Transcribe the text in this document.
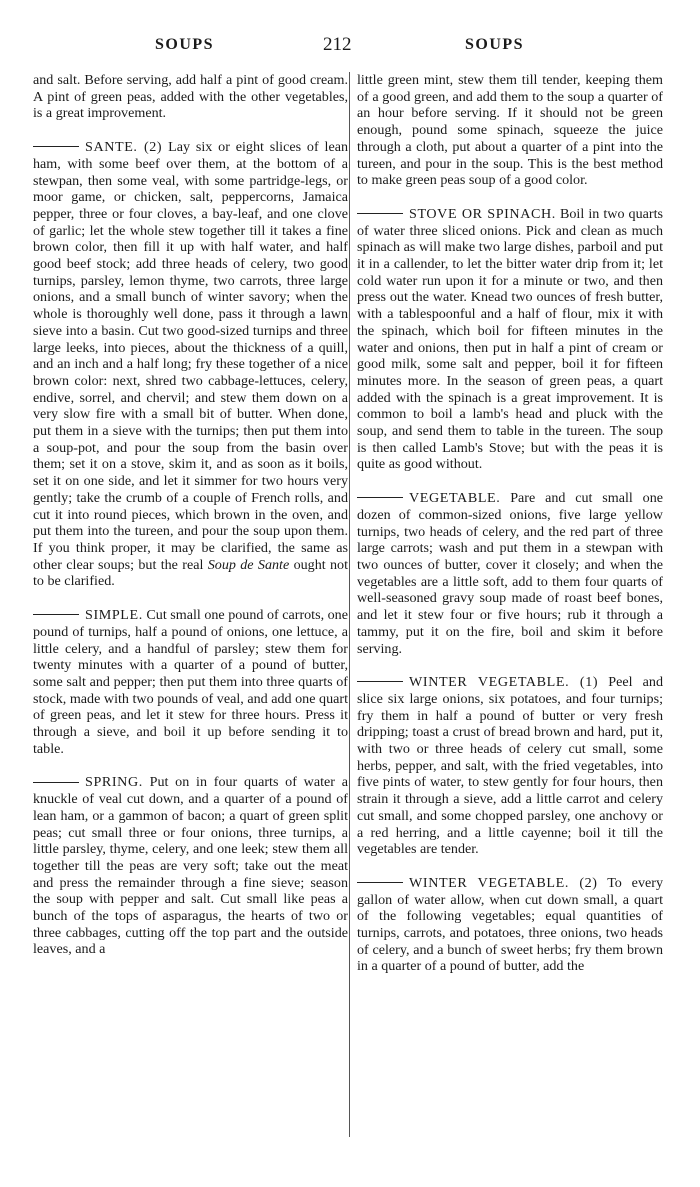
SOUPS	212	SOUPS

and salt. Before serving, add half a pint of good cream. A pint of green peas, added with the other vegetables, is a great improvement.

SANTE. (2) Lay six or eight slices of lean ham, with some beef over them, at the bottom of a stewpan, then some veal, with some partridge-legs, or moor game, or chicken, salt, peppercorns, Jamaica pepper, three or four cloves, a bay-leaf, and one clove of garlic; let the whole stew together till it takes a fine brown color, then fill it up with half water, and half good beef stock; add three heads of celery, two good turnips, parsley, lemon thyme, two carrots, three large onions, and a small bunch of winter savory; when the whole is thoroughly well done, pass it through a lawn sieve into a basin. Cut two good-sized turnips and three large leeks, into pieces, about the thickness of a quill, and an inch and a half long; fry these together of a nice brown color: next, shred two cabbage-lettuces, celery, endive, sorrel, and chervil; and stew them down on a very slow fire with a small bit of butter. When done, put them in a sieve with the turnips; then put them into a soup-pot, and pour the soup from the basin over them; set it on a stove, skim it, and as soon as it boils, set it on one side, and let it simmer for two hours very gently; take the crumb of a couple of French rolls, and cut it into round pieces, which brown in the oven, and put them into the tureen, and pour the soup upon them. If you think proper, it may be clarified, the same as other clear soups; but the real Soup de Sante ought not to be clarified.

SIMPLE. Cut small one pound of carrots, one pound of turnips, half a pound of onions, one lettuce, a little celery, and a handful of parsley; stew them for twenty minutes with a quarter of a pound of butter, some salt and pepper; then put them into three quarts of stock, made with two pounds of veal, and add one quart of green peas, and let it stew for three hours. Press it through a sieve, and boil it up before sending it to table.

SPRING. Put on in four quarts of water a knuckle of veal cut down, and a quarter of a pound of lean ham, or a gammon of bacon; a quart of green split peas; cut small three or four onions, three turnips, a little parsley, thyme, celery, and one leek; stew them all together till the peas are very soft; take out the meat and press the remainder through a fine sieve; season the soup with pepper and salt. Cut small like peas a bunch of the tops of asparagus, the hearts of two or three cabbages, cutting off the top part and the outside leaves, and a

little green mint, stew them till tender, keeping them of a good green, and add them to the soup a quarter of an hour before serving. If it should not be green enough, pound some spinach, squeeze the juice through a cloth, put about a quarter of a pint into the tureen, and pour in the soup. This is the best method to make green peas soup of a good color.

STOVE OR SPINACH. Boil in two quarts of water three sliced onions. Pick and clean as much spinach as will make two large dishes, parboil and put it in a callender, to let the bitter water drip from it; let cold water run upon it for a minute or two, and then press out the water. Knead two ounces of fresh butter, with a tablespoonful and a half of flour, mix it with the spinach, which boil for fifteen minutes in the water and onions, then put in half a pint of cream or good milk, some salt and pepper, boil it for fifteen minutes more. In the season of green peas, a quart added with the spinach is a great improvement. It is common to boil a lamb's head and pluck with the soup, and send them to table in the tureen. The soup is then called Lamb's Stove; but with the peas it is quite as good without.

VEGETABLE. Pare and cut small one dozen of common-sized onions, five large yellow turnips, two heads of celery, and the red part of three large carrots; wash and put them in a stewpan with two ounces of butter, cover it closely; and when the vegetables are a little soft, add to them four quarts of well-seasoned gravy soup made of roast beef bones, and let it stew four or five hours; rub it through a tammy, put it on the fire, boil and skim it before serving.

WINTER VEGETABLE. (1) Peel and slice six large onions, six potatoes, and four turnips; fry them in half a pound of butter or very fresh dripping; toast a crust of bread brown and hard, put it, with two or three heads of celery cut small, some herbs, pepper, and salt, with the fried vegetables, into five pints of water, to stew gently for four hours, then strain it through a sieve, add a little carrot and celery cut small, and some chopped parsley, one anchovy or a red herring, and a little cayenne; boil it till the vegetables are tender.

WINTER VEGETABLE. (2) To every gallon of water allow, when cut down small, a quart of the following vegetables; equal quantities of turnips, carrots, and potatoes, three onions, two heads of celery, and a bunch of sweet herbs; fry them brown in a quarter of a pound of butter, add the
